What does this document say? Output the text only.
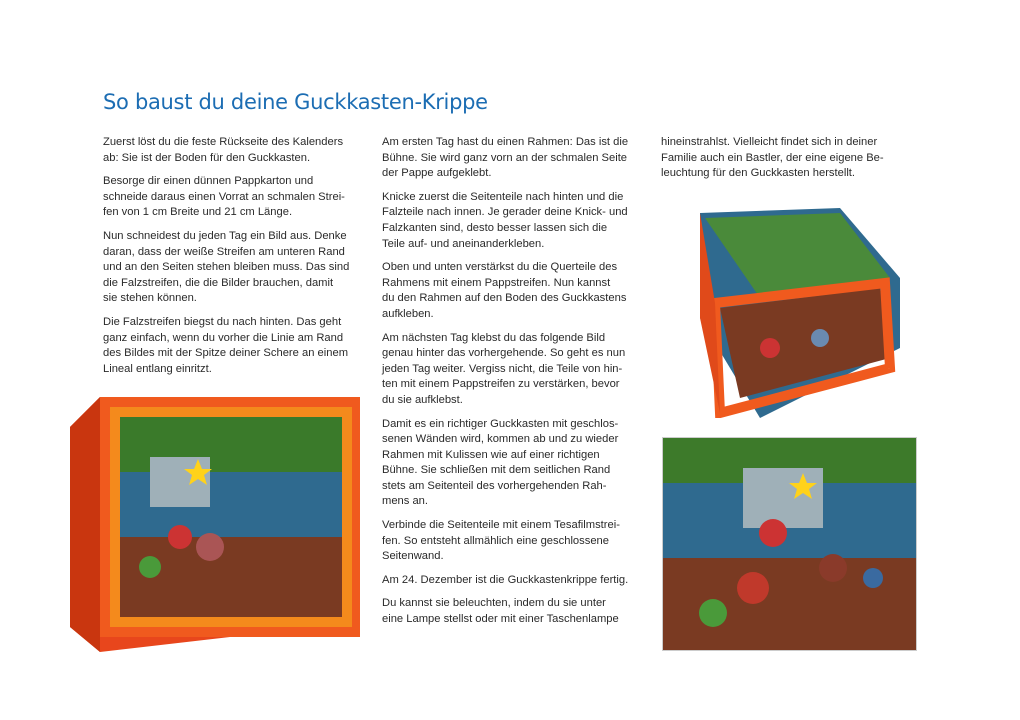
So baust du deine Guckkasten-Krippe

Zuerst löst du die feste Rückseite des Kalenders
ab: Sie ist der Boden für den Guckkasten.

Besorge dir einen dünnen Pappkarton und
schneide daraus einen Vorrat an schmalen Strei-
fen von 1 cm Breite und 21 cm Länge.

Nun schneidest du jeden Tag ein Bild aus. Denke
daran, dass der weiße Streifen am unteren Rand
und an den Seiten stehen bleiben muss. Das sind
die Falzstreifen, die die Bilder brauchen, damit
sie stehen können.

Die Falzstreifen biegst du nach hinten. Das geht
ganz einfach, wenn du vorher die Linie am Rand
des Bildes mit der Spitze deiner Schere an einem
Lineal entlang einritzt.

Am ersten Tag hast du einen Rahmen: Das ist die
Bühne. Sie wird ganz vorn an der schmalen Seite
der Pappe aufgeklebt.

Knicke zuerst die Seitenteile nach hinten und die
Falzteile nach innen. Je gerader deine Knick- und
Falzkanten sind, desto besser lassen sich die
Teile auf- und aneinanderkleben.

Oben und unten verstärkst du die Querteile des
Rahmens mit einem Pappstreifen. Nun kannst
du den Rahmen auf den Boden des Guckkastens
aufkleben.

Am nächsten Tag klebst du das folgende Bild
genau hinter das vorhergehende. So geht es nun
jeden Tag weiter. Vergiss nicht, die Teile von hin-
ten mit einem Pappstreifen zu verstärken, bevor
du sie aufklebst.

Damit es ein richtiger Guckkasten mit geschlos-
senen Wänden wird, kommen ab und zu wieder
Rahmen mit Kulissen wie auf einer richtigen
Bühne. Sie schließen mit dem seitlichen Rand
stets am Seitenteil des vorhergehenden Rah-
mens an.

Verbinde die Seitenteile mit einem Tesafilmstrei-
fen. So entsteht allmählich eine geschlossene
Seitenwand.

Am 24. Dezember ist die Guckkastenkrippe fertig.

Du kannst sie beleuchten, indem du sie unter
eine Lampe stellst oder mit einer Taschenlampe

hineinstrahlst. Vielleicht findet sich in deiner
Familie auch ein Bastler, der eine eigene Be-
leuchtung für den Guckkasten herstellt.
